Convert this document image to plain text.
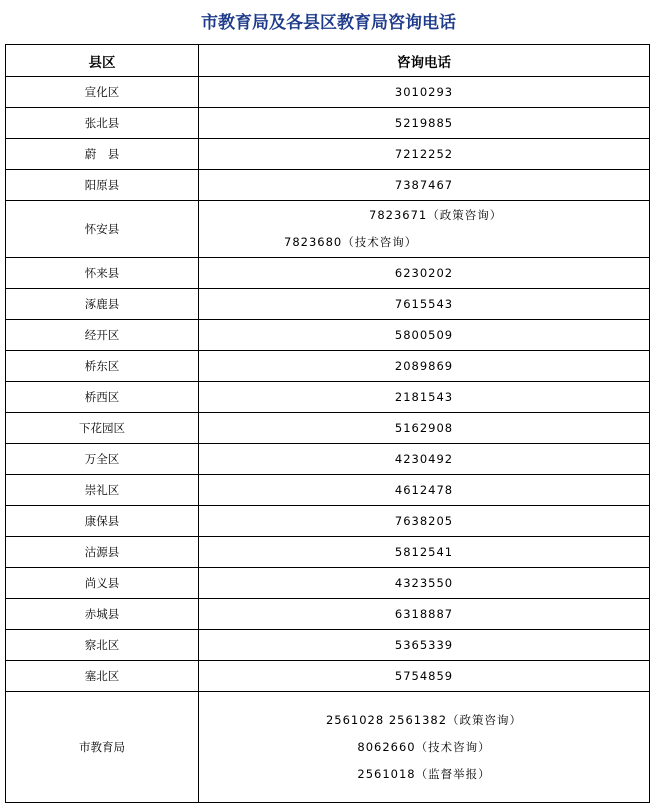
市教育局及各县区教育局咨询电话
县区	咨询电话
宣化区	3010293
张北县	5219885
蔚　县	7212252
阳原县	7387467
怀安县	7823671（政策咨询）
7823680（技术咨询）

怀来县	6230202
涿鹿县	7615543
经开区	5800509
桥东区	2089869
桥西区	2181543
下花园区	5162908
万全区	4230492
崇礼区	4612478
康保县	7638205
沽源县	5812541
尚义县	4323550
赤城县	6318887
察北区	5365339
塞北区	5754859
市教育局	2561028 2561382（政策咨询）
8062660（技术咨询）
2561018（监督举报）
